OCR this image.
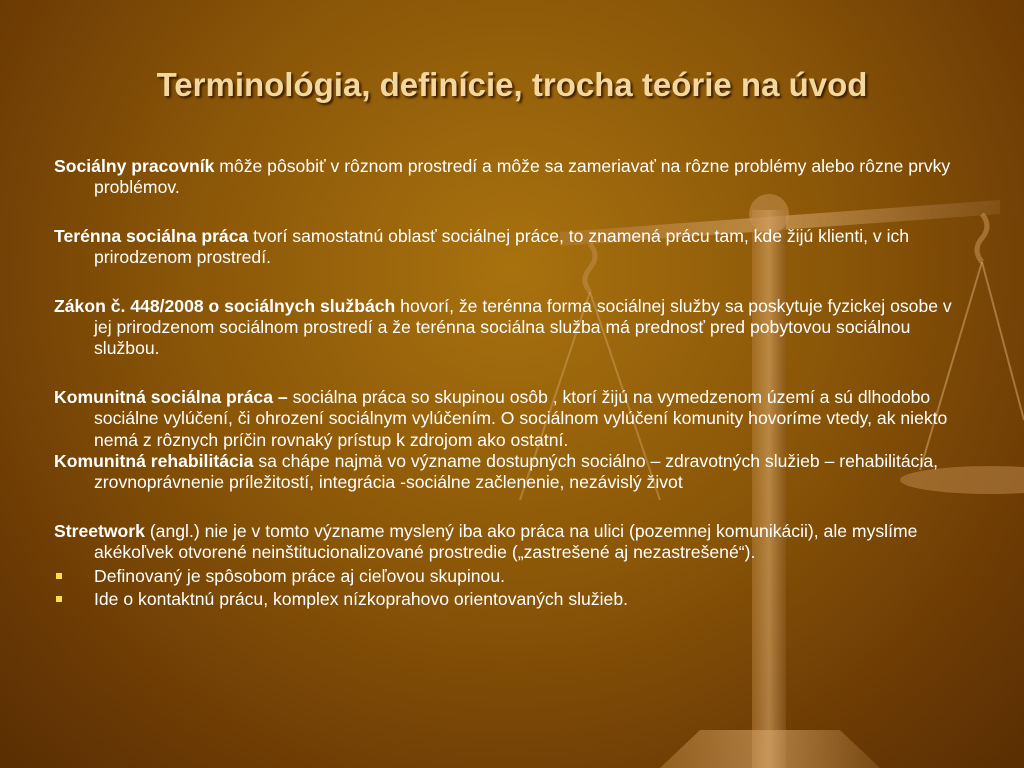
Terminológia, definície, trocha teórie na úvod

Sociálny pracovník môže pôsobiť v rôznom prostredí a môže sa zameriavať na rôzne problémy alebo rôzne prvky problémov.

Terénna sociálna práca tvorí samostatnú oblasť sociálnej práce, to znamená prácu tam, kde žijú klienti, v ich prirodzenom prostredí.

Zákon č. 448/2008 o sociálnych službách hovorí, že terénna forma sociálnej služby sa poskytuje fyzickej osobe v jej prirodzenom sociálnom prostredí a že terénna sociálna služba má prednosť pred pobytovou sociálnou službou.

Komunitná sociálna práca – sociálna práca so skupinou osôb , ktorí žijú na vymedzenom území a sú dlhodobo sociálne vylúčení, či ohrození sociálnym vylúčením. O sociálnom vylúčení komunity hovoríme vtedy, ak niekto nemá z rôznych príčin rovnaký prístup k zdrojom ako ostatní.

Komunitná rehabilitácia sa chápe najmä vo význame dostupných sociálno – zdravotných služieb – rehabilitácia, zrovnoprávnenie príležitostí, integrácia -sociálne začlenenie, nezávislý život

Streetwork (angl.) nie je v tomto význame myslený iba ako práca na ulici (pozemnej komunikácii), ale myslíme akékoľvek otvorené neinštitucionalizované prostredie („zastrešené aj nezastrešené“).

Definovaný je spôsobom práce aj cieľovou skupinou.

Ide o kontaktnú prácu, komplex nízkoprahovo orientovaných služieb.
